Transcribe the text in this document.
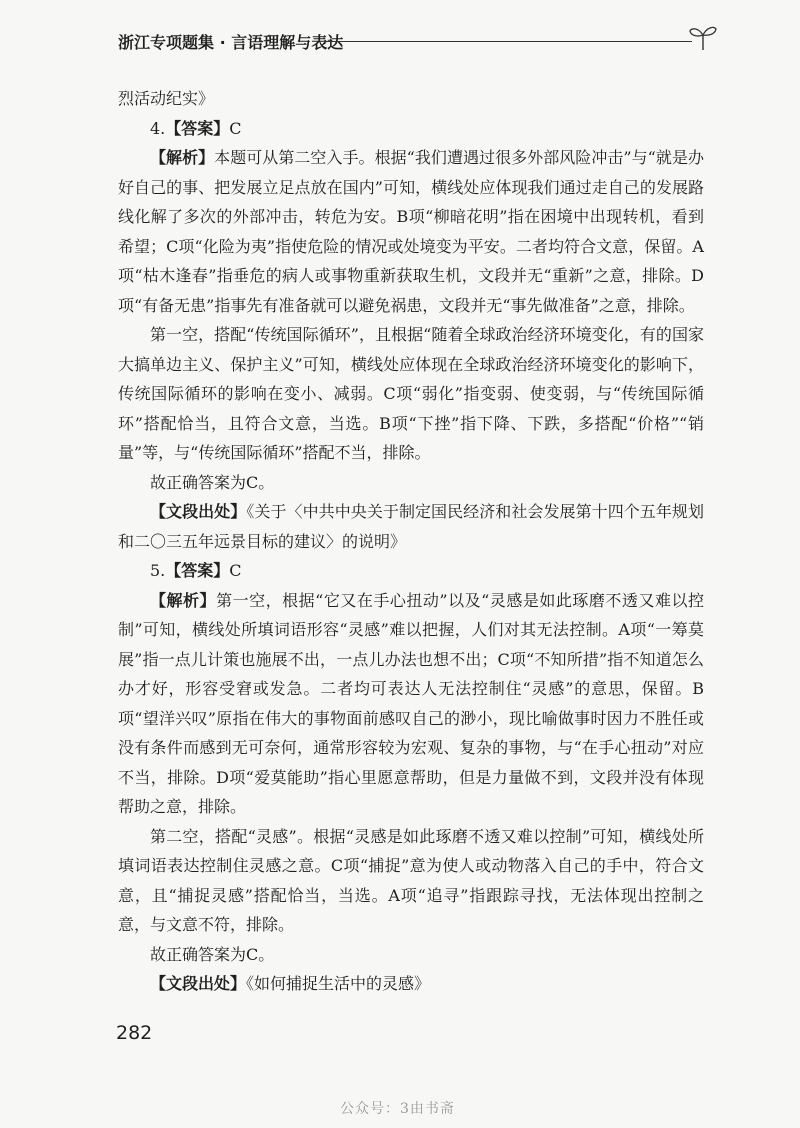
浙江专项题集 · 言语理解与表达

烈活动纪实》

4.【答案】C

【解析】本题可从第二空入手。根据“我们遭遇过很多外部风险冲击”与“就是办好自己的事、把发展立足点放在国内”可知，横线处应体现我们通过走自己的发展路线化解了多次的外部冲击，转危为安。B项“柳暗花明”指在困境中出现转机，看到希望；C项“化险为夷”指使危险的情况或处境变为平安。二者均符合文意，保留。A项“枯木逢春”指垂危的病人或事物重新获取生机，文段并无“重新”之意，排除。D项“有备无患”指事先有准备就可以避免祸患，文段并无“事先做准备”之意，排除。

第一空，搭配“传统国际循环”，且根据“随着全球政治经济环境变化，有的国家大搞单边主义、保护主义”可知，横线处应体现在全球政治经济环境变化的影响下，传统国际循环的影响在变小、减弱。C项“弱化”指变弱、使变弱，与“传统国际循环”搭配恰当，且符合文意，当选。B项“下挫”指下降、下跌，多搭配“价格”“销量”等，与“传统国际循环”搭配不当，排除。

故正确答案为C。

【文段出处】《关于〈中共中央关于制定国民经济和社会发展第十四个五年规划和二〇三五年远景目标的建议〉的说明》

5.【答案】C

【解析】第一空，根据“它又在手心扭动”以及“灵感是如此琢磨不透又难以控制”可知，横线处所填词语形容“灵感”难以把握，人们对其无法控制。A项“一筹莫展”指一点儿计策也施展不出，一点儿办法也想不出；C项“不知所措”指不知道怎么办才好，形容受窘或发急。二者均可表达人无法控制住“灵感”的意思，保留。B项“望洋兴叹”原指在伟大的事物面前感叹自己的渺小，现比喻做事时因力不胜任或没有条件而感到无可奈何，通常形容较为宏观、复杂的事物，与“在手心扭动”对应不当，排除。D项“爱莫能助”指心里愿意帮助，但是力量做不到，文段并没有体现帮助之意，排除。

第二空，搭配“灵感”。根据“灵感是如此琢磨不透又难以控制”可知，横线处所填词语表达控制住灵感之意。C项“捕捉”意为使人或动物落入自己的手中，符合文意，且“捕捉灵感”搭配恰当，当选。A项“追寻”指跟踪寻找，无法体现出控制之意，与文意不符，排除。

故正确答案为C。

【文段出处】《如何捕捉生活中的灵感》

282
公众号：3由书斋
